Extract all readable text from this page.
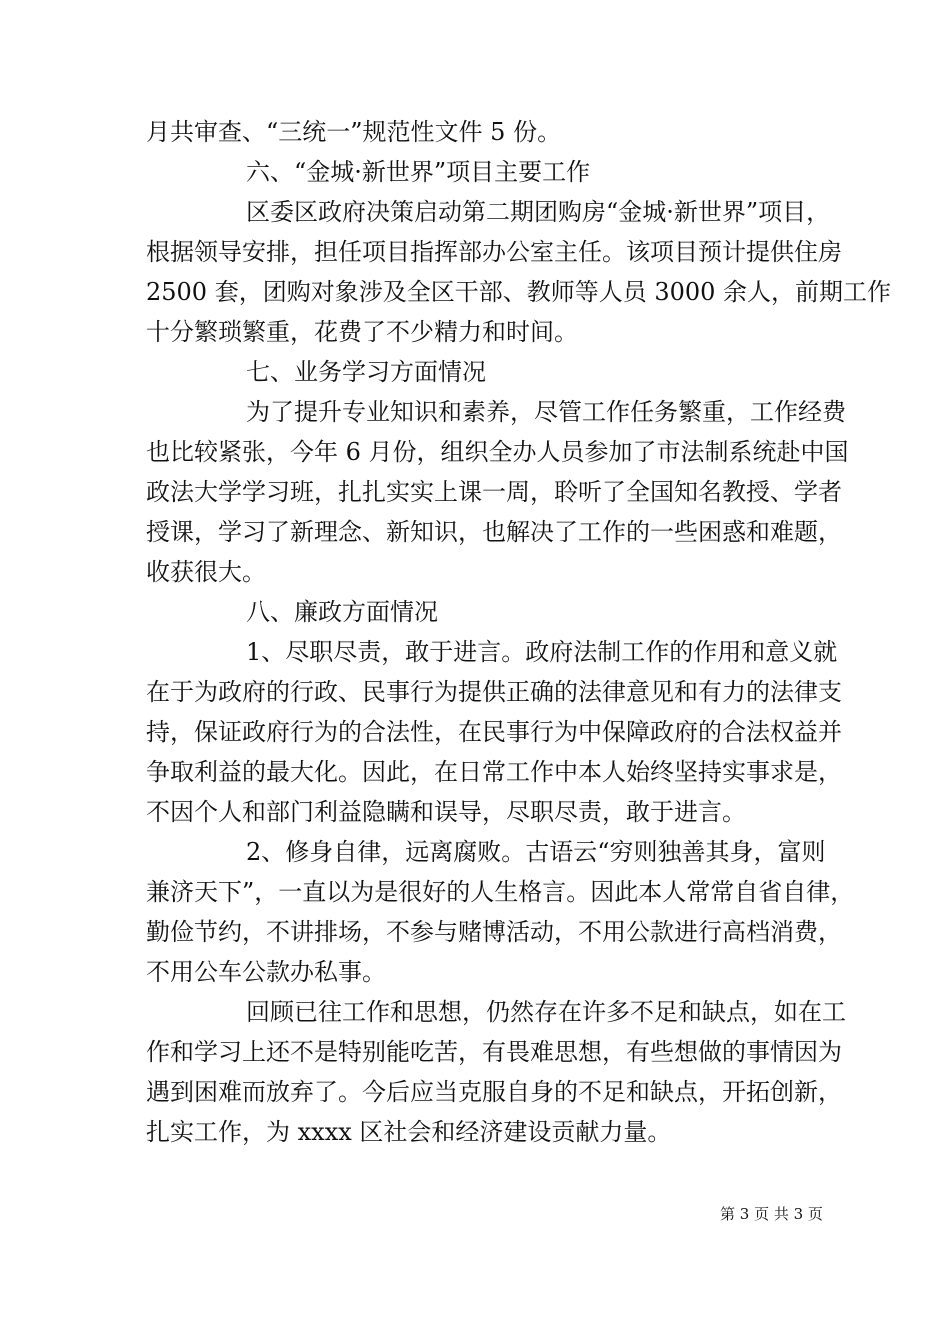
月共审查、“三统一”规范性文件 5 份。
六、“金城·新世界”项目主要工作
区委区政府决策启动第二期团购房“金城·新世界”项目，
根据领导安排，担任项目指挥部办公室主任。该项目预计提供住房
2500 套，团购对象涉及全区干部、教师等人员 3000 余人，前期工作
十分繁琐繁重，花费了不少精力和时间。
七、业务学习方面情况
为了提升专业知识和素养，尽管工作任务繁重，工作经费
也比较紧张，今年 6 月份，组织全办人员参加了市法制系统赴中国
政法大学学习班，扎扎实实上课一周，聆听了全国知名教授、学者
授课，学习了新理念、新知识，也解决了工作的一些困惑和难题，
收获很大。
八、廉政方面情况
1、尽职尽责，敢于进言。政府法制工作的作用和意义就
在于为政府的行政、民事行为提供正确的法律意见和有力的法律支
持，保证政府行为的合法性，在民事行为中保障政府的合法权益并
争取利益的最大化。因此，在日常工作中本人始终坚持实事求是，
不因个人和部门利益隐瞒和误导，尽职尽责，敢于进言。
2、修身自律，远离腐败。古语云“穷则独善其身，富则
兼济天下”，一直以为是很好的人生格言。因此本人常常自省自律，
勤俭节约，不讲排场，不参与赌博活动，不用公款进行高档消费，
不用公车公款办私事。
回顾已往工作和思想，仍然存在许多不足和缺点，如在工
作和学习上还不是特别能吃苦，有畏难思想，有些想做的事情因为
遇到困难而放弃了。今后应当克服自身的不足和缺点，开拓创新，
扎实工作，为 xxxx 区社会和经济建设贡献力量。
第 3 页 共 3 页
